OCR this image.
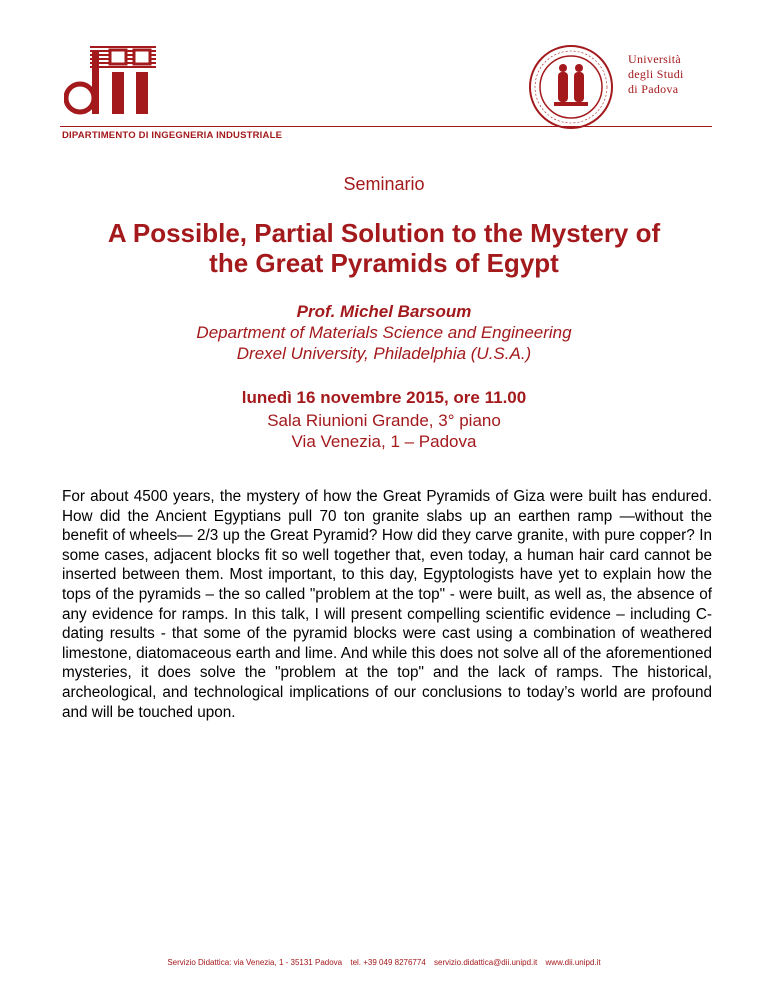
Università
degli Studi
di Padova
DIPARTIMENTO DI INGEGNERIA INDUSTRIALE
Seminario
A Possible, Partial Solution to the Mystery of
the Great Pyramids of Egypt
Prof. Michel Barsoum
Department of Materials Science and Engineering
Drexel University, Philadelphia (U.S.A.)
lunedì 16 novembre 2015, ore 11.00
Sala Riunioni Grande, 3° piano
Via Venezia, 1 – Padova
For about 4500 years, the mystery of how the Great Pyramids of Giza were built has endured. How did the Ancient Egyptians pull 70 ton granite slabs up an earthen ramp —without the benefit of wheels— 2/3 up the Great Pyramid? How did they carve granite, with pure copper? In some cases, adjacent blocks fit so well together that, even today, a human hair card cannot be inserted between them. Most important, to this day, Egyptologists have yet to explain how the tops of the pyramids – the so called "problem at the top" - were built, as well as, the absence of any evidence for ramps. In this talk, I will present compelling scientific evidence – including C-dating results - that some of the pyramid blocks were cast using a combination of weathered limestone, diatomaceous earth and lime. And while this does not solve all of the aforementioned mysteries, it does solve the "problem at the top" and the lack of ramps. The historical, archeological, and technological implications of our conclusions to today’s world are profound and will be touched upon.
Servizio Didattica: via Venezia, 1 - 35131 Padova tel. +39 049 8276774 servizio.didattica@dii.unipd.it www.dii.unipd.it
